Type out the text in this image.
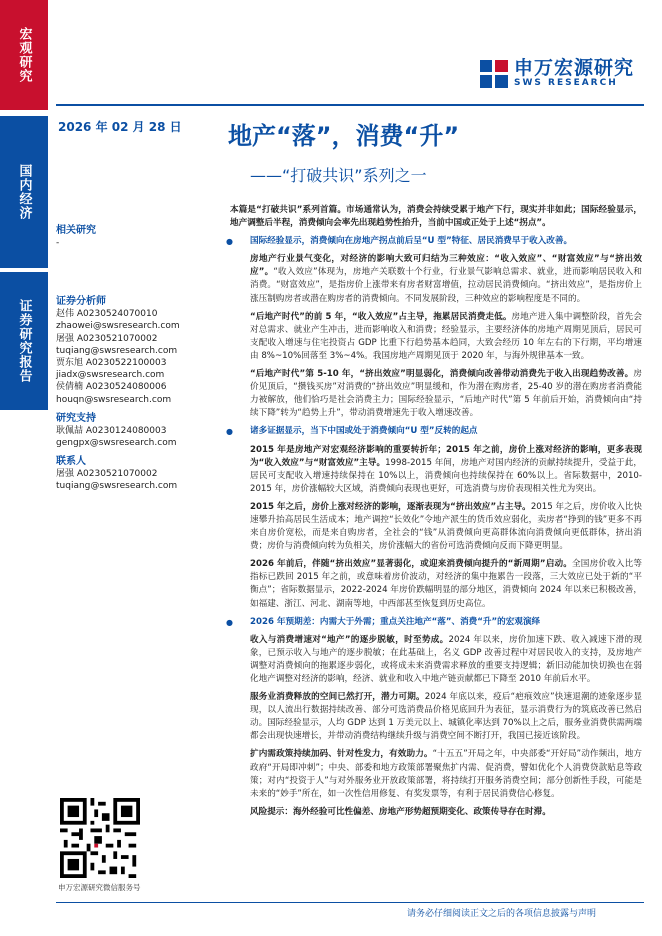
宏观研究
国内经济
证券研究报告
申万宏源研究
SWS RESEARCH
2026 年 02 月 28 日 地产“落”，消费“升”
——“打破共识”系列之一
相关研究
-
证券分析师
赵伟 A0230524070010
zhaowei@swsresearch.com
屠强 A0230521070002
tuqiang@swsresearch.com
贾东旭 A0230522100003
jiadx@swsresearch.com
侯倩楠 A0230524080006
houqn@swsresearch.com
研究支持
耿佩喆 A0230124080003
gengpx@swsresearch.com
联系人
屠强 A0230521070002
tuqiang@swsresearch.com
申万宏源研究微信服务号

本篇是“打破共识”系列首篇。市场通常认为，消费会持续受累于地产下行，现实并非如此；国际经验显示，地产调整后半程，消费倾向会率先出现趋势性抬升，当前中国或正处于上述“拐点”。

● 国际经验显示，消费倾向在房地产拐点前后呈“U 型”特征、居民消费早于收入改善。

房地产行业景气变化，对经济的影响大致可归结为三种效应：“收入效应”、“财富效应”与“挤出效应”。“收入效应”体现为，房地产关联数十个行业，行业景气影响总需求、就业，进而影响居民收入和消费。“财富效应”，是指房价上涨带来有房者财富增值，拉动居民消费倾向。“挤出效应”，是指房价上涨压制购房者或潜在购房者的消费倾向。不同发展阶段，三种效应的影响程度是不同的。

“后地产时代”的前 5 年，“收入效应”占主导，拖累居民消费走低。房地产进入集中调整阶段，首先会对总需求、就业产生冲击，进而影响收入和消费；经验显示，主要经济体的房地产周期见顶后，居民可支配收入增速与住宅投资占 GDP 比重下行趋势基本趋同，大致会经历 10 年左右的下行期，平均增速由 8%~10%回落至 3%~4%。我国房地产周期见顶于 2020 年，与海外规律基本一致。

“后地产时代”第 5-10 年，“挤出效应”明显弱化，消费倾向改善带动消费先于收入出现趋势改善。房价见顶后，“攒钱买房”对消费的“挤出效应”明显缓和，作为潜在购房者，25-40 岁的潜在购房者消费能力被解放，他们恰巧是社会消费主力；国际经验显示，“后地产时代”第 5 年前后开始，消费倾向由“持续下降”转为“趋势上升”，带动消费增速先于收入增速改善。

● 诸多证据显示，当下中国或处于消费倾向“U 型”反转的起点

2015 年是房地产对宏观经济影响的重要转折年；2015 年之前，房价上涨对经济的影响，更多表现为“收入效应”与“财富效应”主导。1998-2015 年间，房地产对国内经济的贡献持续提升，受益于此，居民可支配收入增速持续保持在 10%以上，消费倾向也持续保持在 60%以上。省际数据中，2010-2015 年，房价涨幅较大区域，消费倾向表现也更好，可选消费与房价表现相关性尤为突出。

2015 年之后，房价上涨对经济的影响，逐渐表现为“挤出效应”占主导。2015 年之后，房价收入比快速攀升抬高居民生活成本；地产调控“长效化”令地产派生的货币效应弱化，卖房者“挣到的钱”更多不再来自房价宽松，而是来自购房者，全社会的“钱”从消费倾向更高群体流向消费倾向更低群体，挤出消费；房价与消费倾向转为负相关，房价涨幅大的省份可选消费倾向反而下降更明显。

2026 年前后，伴随“挤出效应”显著弱化，或迎来消费倾向提升的“新周期”启动。全国房价收入比等指标已跌回 2015 年之前，或意味着房价波动，对经济的集中拖累告一段落，三大效应已处于新的“平衡点”；省际数据显示，2022-2024 年房价跌幅明显的部分地区，消费倾向 2024 年以来已积极改善，如福建、浙江、河北、湖南等地，中西部甚至恢复到历史高位。

● 2026 年预期差：内需大于外需；重点关注地产“落”、消费“升”的宏观演绎

收入与消费增速对“地产”的逐步脱敏，时至势成。2024 年以来，房价加速下跌、收入减速下滑的现象，已预示收入与地产的逐步脱敏；在此基础上，名义 GDP 改善过程中对居民收入的支持，及房地产调整对消费倾向的拖累逐步弱化，或将成未来消费需求释放的重要支持逻辑；新旧动能加快切换也在弱化地产调整对经济的影响，经济、就业和收入中地产链贡献都已下降至 2010 年前后水平。

服务业消费释放的空间已然打开，潜力可期。2024 年底以来，疫后“疤痕效应”快速退潮的迹象逐步显现，以人流出行数据持续改善、部分可选消费品价格见底回升为表征，显示消费行为的筑底改善已然启动。国际经验显示，人均 GDP 达到 1 万美元以上、城镇化率达到 70%以上之后，服务业消费供需两端都会出现快速增长，并带动消费结构继续升级与消费空间不断打开，我国已接近该阶段。

扩内需政策持续加码、针对性发力，有效助力。“十五五”开局之年，中央部委“开好局”动作频出，地方政府“开局即冲刺”；中央、部委和地方政策部署聚焦扩内需、促消费，譬如优化个人消费贷款贴息等政策；对内“投资于人”与对外服务业开放政策部署，将持续打开服务消费空间；部分创新性手段，可能是未来的“妙手”所在，如一次性信用修复、有奖发票等，有利于居民消费信心修复。

风险提示：海外经验可比性偏差、房地产形势超预期变化、政策传导存在时滞。

请务必仔细阅读正文之后的各项信息披露与声明
